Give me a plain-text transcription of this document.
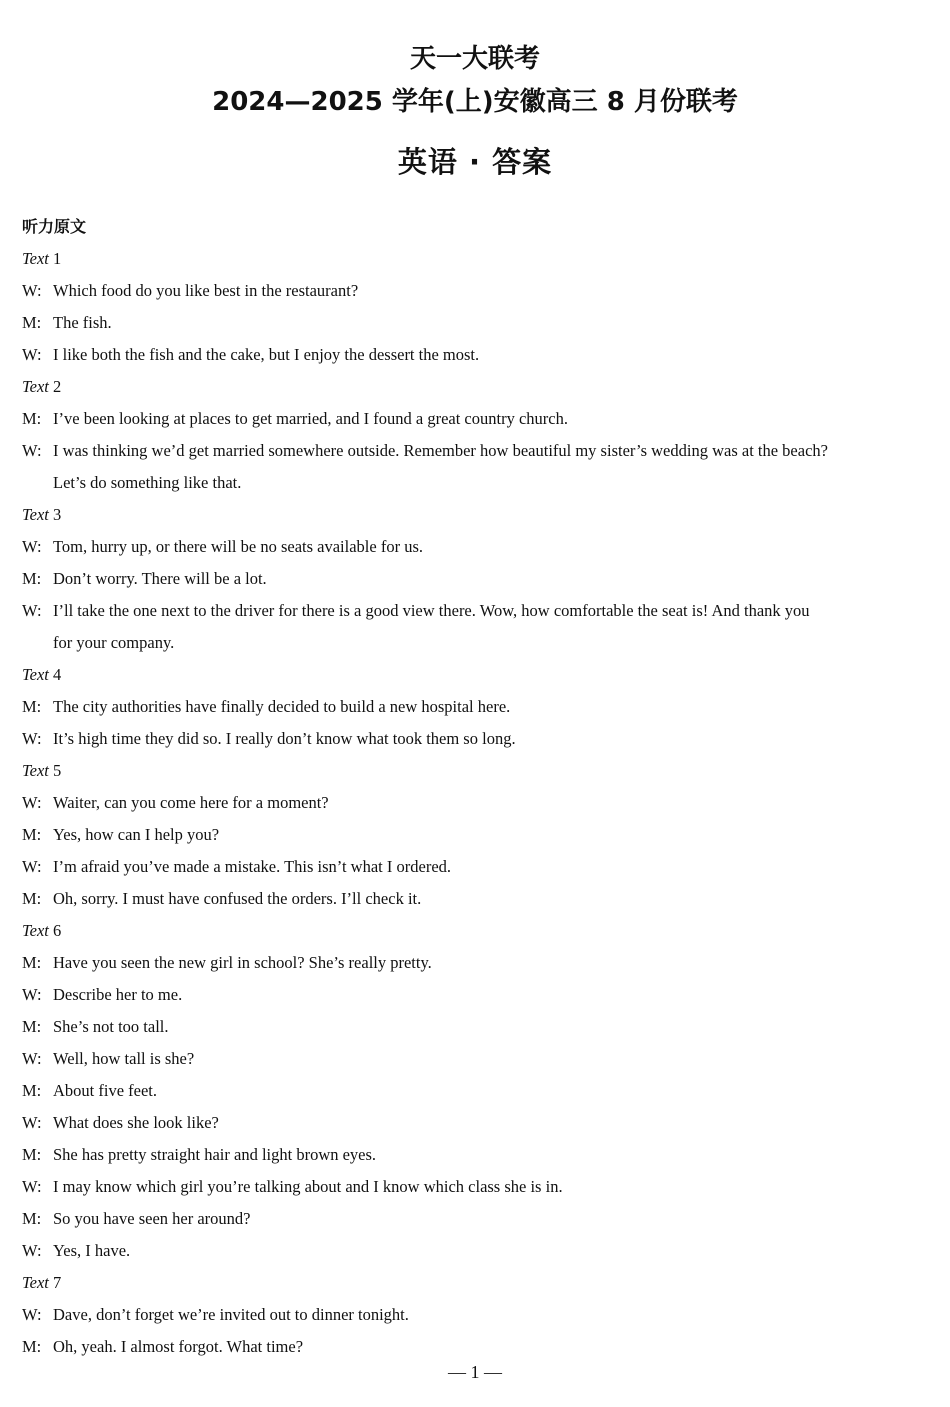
天一大联考
2024—2025 学年(上)安徽高三 8 月份联考
英语 · 答案
听力原文
Text 1
W: Which food do you like best in the restaurant?
M: The fish.
W: I like both the fish and the cake, but I enjoy the dessert the most.
Text 2
M: I’ve been looking at places to get married, and I found a great country church.
W: I was thinking we’d get married somewhere outside. Remember how beautiful my sister’s wedding was at the beach?
Let’s do something like that.
Text 3
W: Tom, hurry up, or there will be no seats available for us.
M: Don’t worry. There will be a lot.
W: I’ll take the one next to the driver for there is a good view there. Wow, how comfortable the seat is! And thank you
for your company.
Text 4
M: The city authorities have finally decided to build a new hospital here.
W: It’s high time they did so. I really don’t know what took them so long.
Text 5
W: Waiter, can you come here for a moment?
M: Yes, how can I help you?
W: I’m afraid you’ve made a mistake. This isn’t what I ordered.
M: Oh, sorry. I must have confused the orders. I’ll check it.
Text 6
M: Have you seen the new girl in school? She’s really pretty.
W: Describe her to me.
M: She’s not too tall.
W: Well, how tall is she?
M: About five feet.
W: What does she look like?
M: She has pretty straight hair and light brown eyes.
W: I may know which girl you’re talking about and I know which class she is in.
M: So you have seen her around?
W: Yes, I have.
Text 7
W: Dave, don’t forget we’re invited out to dinner tonight.
M: Oh, yeah. I almost forgot. What time?
— 1 —
